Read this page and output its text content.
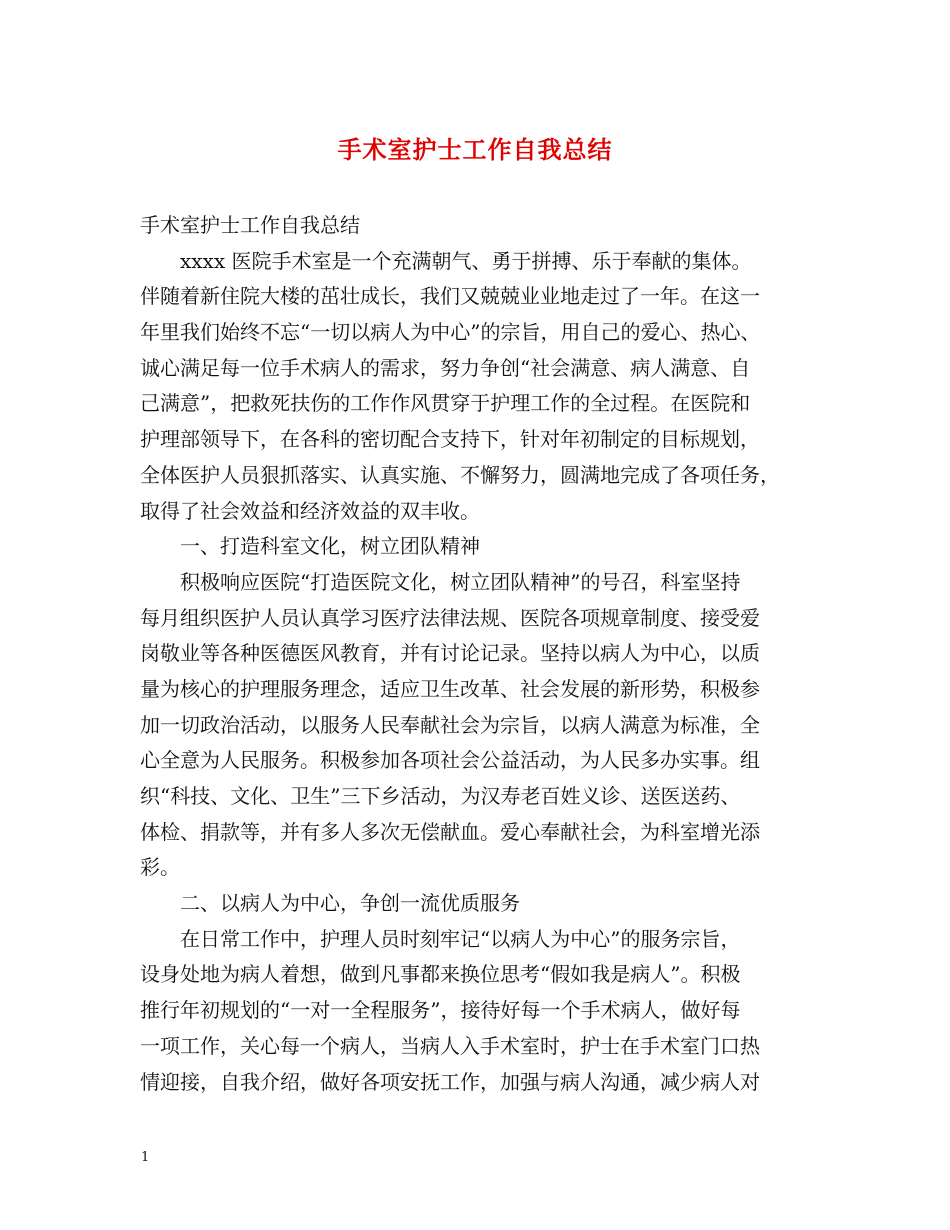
手术室护士工作自我总结
手术室护士工作自我总结
xxxx 医院手术室是一个充满朝气、勇于拼搏、乐于奉献的集体。
伴随着新住院大楼的茁壮成长，我们又兢兢业业地走过了一年。在这一
年里我们始终不忘“一切以病人为中心”的宗旨，用自己的爱心、热心、
诚心满足每一位手术病人的需求，努力争创“社会满意、病人满意、自
己满意”，把救死扶伤的工作作风贯穿于护理工作的全过程。在医院和
护理部领导下，在各科的密切配合支持下，针对年初制定的目标规划，
全体医护人员狠抓落实、认真实施、不懈努力，圆满地完成了各项任务，
取得了社会效益和经济效益的双丰收。
一、打造科室文化，树立团队精神
积极响应医院“打造医院文化，树立团队精神”的号召，科室坚持
每月组织医护人员认真学习医疗法律法规、医院各项规章制度、接受爱
岗敬业等各种医德医风教育，并有讨论记录。坚持以病人为中心，以质
量为核心的护理服务理念，适应卫生改革、社会发展的新形势，积极参
加一切政治活动，以服务人民奉献社会为宗旨，以病人满意为标准，全
心全意为人民服务。积极参加各项社会公益活动，为人民多办实事。组
织“科技、文化、卫生”三下乡活动，为汉寿老百姓义诊、送医送药、
体检、捐款等，并有多人多次无偿献血。爱心奉献社会，为科室增光添
彩。
二、以病人为中心，争创一流优质服务
在日常工作中，护理人员时刻牢记“以病人为中心”的服务宗旨，
设身处地为病人着想，做到凡事都来换位思考“假如我是病人”。积极
推行年初规划的“一对一全程服务”，接待好每一个手术病人，做好每
一项工作，关心每一个病人，当病人入手术室时，护士在手术室门口热
情迎接，自我介绍，做好各项安抚工作，加强与病人沟通，减少病人对
1
